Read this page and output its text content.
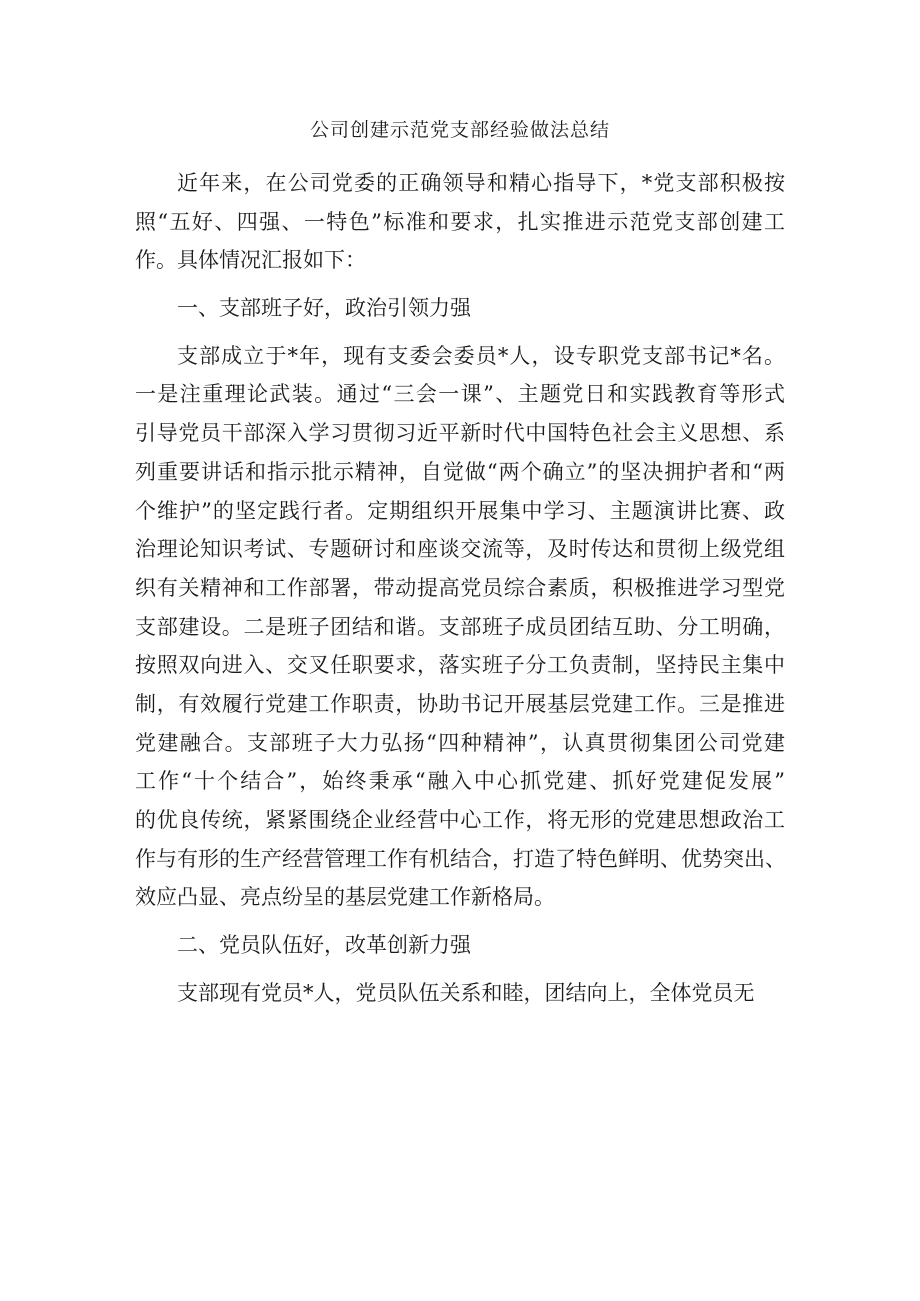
公司创建示范党支部经验做法总结
近年来，在公司党委的正确领导和精心指导下，*党支部积极按
照“五好、四强、一特色”标准和要求，扎实推进示范党支部创建工
作。具体情况汇报如下：
一、支部班子好，政治引领力强
支部成立于*年，现有支委会委员*人，设专职党支部书记*名。
一是注重理论武装。通过“三会一课”、主题党日和实践教育等形式
引导党员干部深入学习贯彻习近平新时代中国特色社会主义思想、系
列重要讲话和指示批示精神，自觉做“两个确立”的坚决拥护者和“两
个维护”的坚定践行者。定期组织开展集中学习、主题演讲比赛、政
治理论知识考试、专题研讨和座谈交流等，及时传达和贯彻上级党组
织有关精神和工作部署，带动提高党员综合素质，积极推进学习型党
支部建设。二是班子团结和谐。支部班子成员团结互助、分工明确，
按照双向进入、交叉任职要求，落实班子分工负责制，坚持民主集中
制，有效履行党建工作职责，协助书记开展基层党建工作。三是推进
党建融合。支部班子大力弘扬“四种精神”，认真贯彻集团公司党建
工作“十个结合”，始终秉承“融入中心抓党建、抓好党建促发展”
的优良传统，紧紧围绕企业经营中心工作，将无形的党建思想政治工
作与有形的生产经营管理工作有机结合，打造了特色鲜明、优势突出、
效应凸显、亮点纷呈的基层党建工作新格局。
二、党员队伍好，改革创新力强
支部现有党员*人，党员队伍关系和睦，团结向上，全体党员无
